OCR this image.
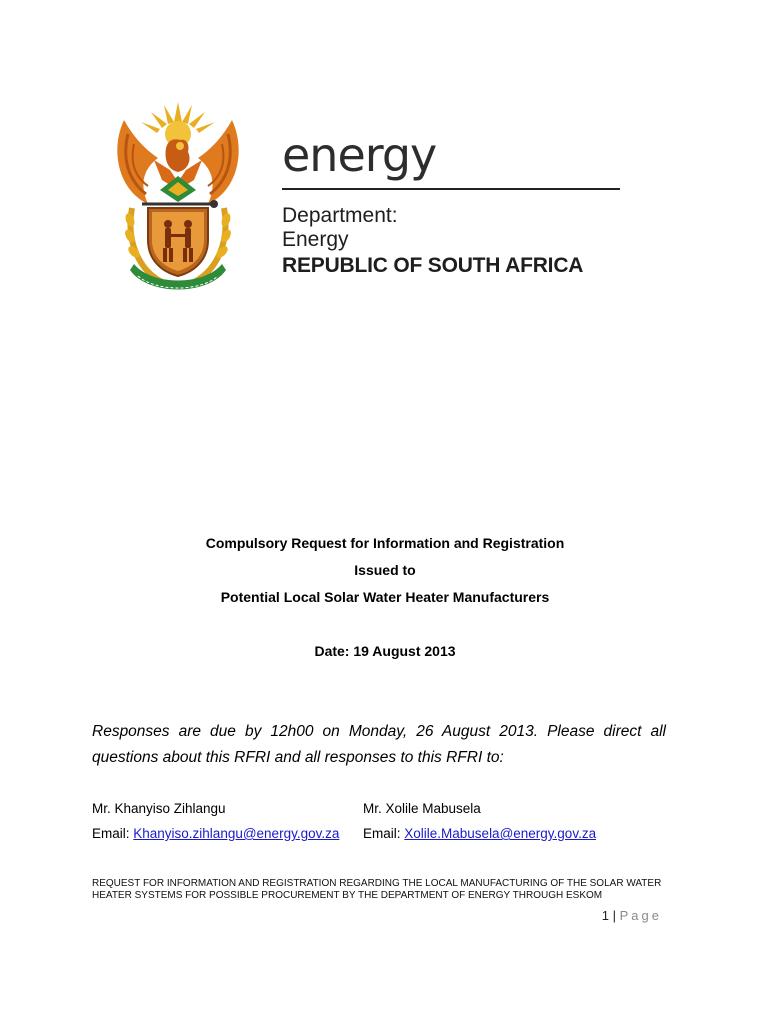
energy
Department:
Energy
REPUBLIC OF SOUTH AFRICA
Compulsory Request for Information and Registration
Issued to
Potential Local Solar Water Heater Manufacturers
Date: 19 August 2013
Responses are due by 12h00 on Monday, 26 August 2013. Please direct all questions about this RFRI and all responses to this RFRI to:
Mr. Khanyiso Zihlangu	Mr. Xolile Mabusela
Email: Khanyiso.zihlangu@energy.gov.za Email: Xolile.Mabusela@energy.gov.za
REQUEST FOR INFORMATION AND REGISTRATION REGARDING THE LOCAL MANUFACTURING OF THE SOLAR WATER HEATER SYSTEMS FOR POSSIBLE PROCUREMENT BY THE DEPARTMENT OF ENERGY THROUGH ESKOM
1 | Page
